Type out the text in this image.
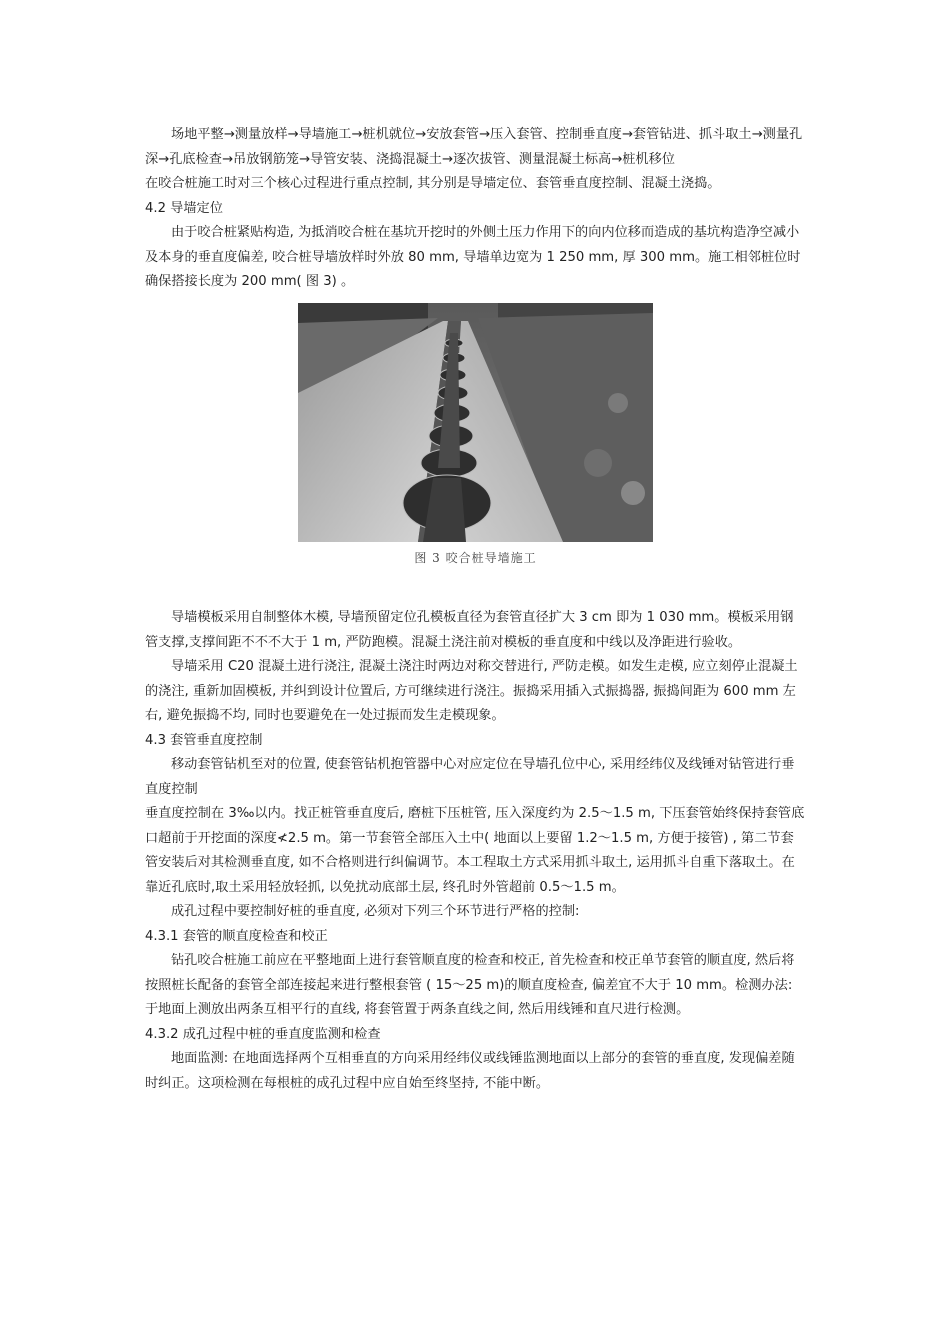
场地平整→测量放样→导墙施工→桩机就位→安放套管→压入套管、控制垂直度→套管钻进、抓斗取土→测量孔深→孔底检查→吊放钢筋笼→导管安装、浇捣混凝土→逐次拔管、测量混凝土标高→桩机移位

在咬合桩施工时对三个核心过程进行重点控制, 其分别是导墙定位、套管垂直度控制、混凝土浇捣。

4.2 导墙定位

由于咬合桩紧贴构造, 为抵消咬合桩在基坑开挖时的外侧土压力作用下的向内位移而造成的基坑构造净空减小及本身的垂直度偏差, 咬合桩导墙放样时外放 80 mm, 导墙单边宽为 1 250 mm, 厚 300 mm。施工相邻桩位时确保搭接长度为 200 mm( 图 3) 。

图 3 咬合桩导墙施工

导墙模板采用自制整体木模, 导墙预留定位孔模板直径为套管直径扩大 3 cm 即为 1 030 mm。模板采用钢管支撑,支撑间距不不不大于 1 m, 严防跑模。混凝土浇注前对模板的垂直度和中线以及净距进行验收。

导墙采用 C20 混凝土进行浇注, 混凝土浇注时两边对称交替进行, 严防走模。如发生走模, 应立刻停止混凝土的浇注, 重新加固模板, 并纠到设计位置后, 方可继续进行浇注。振捣采用插入式振捣器, 振捣间距为 600 mm 左右, 避免振捣不均, 同时也要避免在一处过振而发生走模现象。

4.3 套管垂直度控制

移动套管钻机至对的位置, 使套管钻机抱管器中心对应定位在导墙孔位中心, 采用经纬仪及线锤对钻管进行垂直度控制

垂直度控制在 3‰以内。找正桩管垂直度后, 磨桩下压桩管, 压入深度约为 2.5～1.5 m, 下压套管始终保持套管底口超前于开挖面的深度≮2.5 m。第一节套管全部压入土中( 地面以上要留 1.2～1.5 m, 方便于接管) , 第二节套管安装后对其检测垂直度, 如不合格则进行纠偏调节。本工程取土方式采用抓斗取土, 运用抓斗自重下落取土。在靠近孔底时,取土采用轻放轻抓, 以免扰动底部土层, 终孔时外管超前 0.5～1.5 m。

成孔过程中要控制好桩的垂直度, 必须对下列三个环节进行严格的控制:

4.3.1 套管的顺直度检查和校正

钻孔咬合桩施工前应在平整地面上进行套管顺直度的检查和校正, 首先检查和校正单节套管的顺直度, 然后将按照桩长配备的套管全部连接起来进行整根套管 ( 15～25 m)的顺直度检查, 偏差宜不大于 10 mm。检测办法: 于地面上测放出两条互相平行的直线, 将套管置于两条直线之间, 然后用线锤和直尺进行检测。

4.3.2 成孔过程中桩的垂直度监测和检查

地面监测: 在地面选择两个互相垂直的方向采用经纬仪或线锤监测地面以上部分的套管的垂直度, 发现偏差随时纠正。这项检测在每根桩的成孔过程中应自始至终坚持, 不能中断。
